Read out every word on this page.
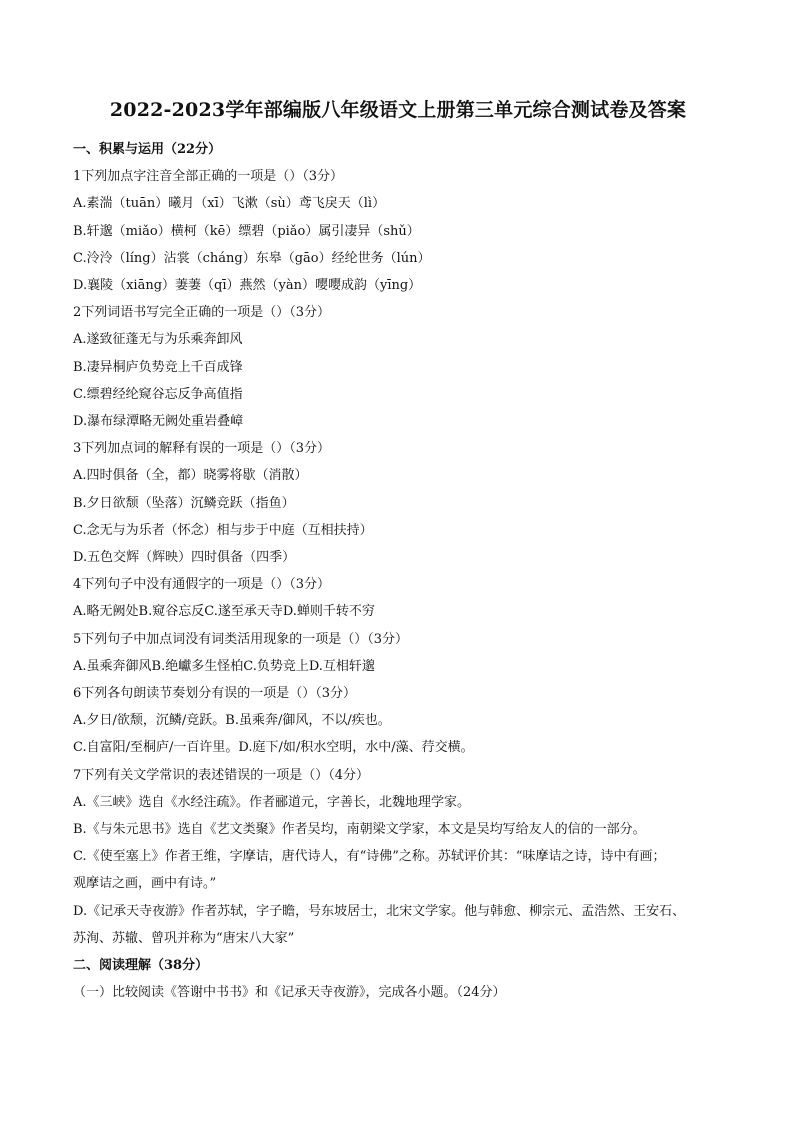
2022-2023学年部编版八年级语文上册第三单元综合测试卷及答案
一、积累与运用（22分）
1下列加点字注音全部正确的一项是（）（3分）
A.素湍（tuān）曦月（xī）飞漱（sù）鸢飞戾天（lì）
B.轩邈（miǎo）横柯（kē）缥碧（piǎo）属引凄异（shǔ）
C.泠泠（líng）沾裳（cháng）东皋（gāo）经纶世务（lún）
D.襄陵（xiāng）萋萋（qī）燕然（yàn）嘤嘤成韵（yīng）
2下列词语书写完全正确的一项是（）（3分）
A.遂致征蓬无与为乐乘奔卸风
B.凄异桐庐负势竞上千百成锋
C.缥碧经纶窥谷忘反争高值指
D.瀑布绿潭略无阙处重岩叠嶂
3下列加点词的解释有误的一项是（）（3分）
A.四时俱备（全，都）晓雾将歇（消散）
B.夕日欲颓（坠落）沉鳞竞跃（指鱼）
C.念无与为乐者（怀念）相与步于中庭（互相扶持）
D.五色交辉（辉映）四时俱备（四季）
4下列句子中没有通假字的一项是（）（3分）
A.略无阙处B.窥谷忘反C.遂至承天寺D.蝉则千转不穷
5下列句子中加点词没有词类活用现象的一项是（）（3分）
A.虽乘奔御风B.绝巘多生怪柏C.负势竞上D.互相轩邈
6下列各句朗读节奏划分有误的一项是（）（3分）
A.夕日/欲颓，沉鳞/竞跃。B.虽乘奔/御风，不以/疾也。
C.自富阳/至桐庐/一百许里。D.庭下/如/积水空明，水中/藻、荇交横。
7下列有关文学常识的表述错误的一项是（）（4分）
A.《三峡》选自《水经注疏》。作者郦道元，字善长，北魏地理学家。
B.《与朱元思书》选自《艺文类聚》作者吴均，南朝梁文学家，本文是吴均写给友人的信的一部分。
C.《使至塞上》作者王维，字摩诘，唐代诗人，有“诗佛”之称。苏轼评价其：“味摩诘之诗，诗中有画；
观摩诘之画，画中有诗。”
D.《记承天寺夜游》作者苏轼，字子瞻，号东坡居士，北宋文学家。他与韩愈、柳宗元、孟浩然、王安石、
苏洵、苏辙、曾巩并称为“唐宋八大家”
二、阅读理解（38分）
（一）比较阅读《答谢中书书》和《记承天寺夜游》，完成各小题。（24分）
